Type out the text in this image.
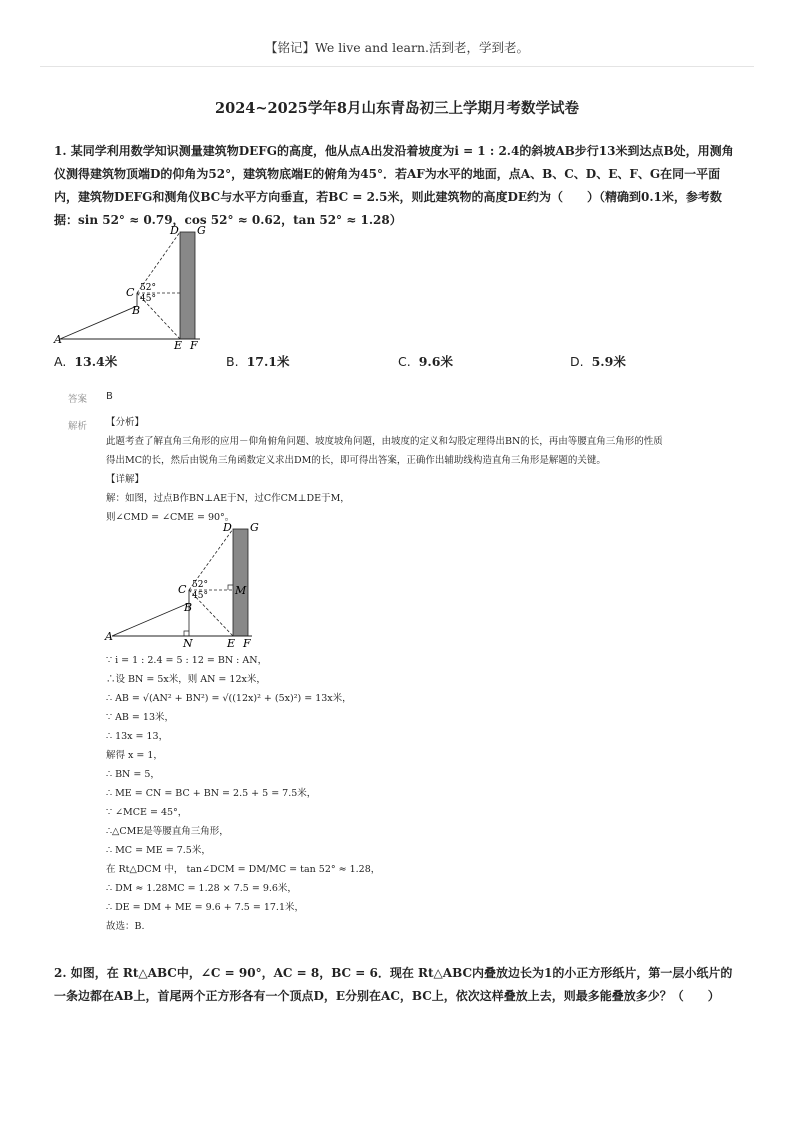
【铭记】We live and learn.活到老，学到老。
2024~2025学年8月山东青岛初三上学期月考数学试卷

1. 某同学利用数学知识测量建筑物DEFG的高度，他从点A出发沿着坡度为i = 1 : 2.4的斜坡AB步行13米到达点B处，用测角

仪测得建筑物顶端D的仰角为52°，建筑物底端E的俯角为45°．若AF为水平的地面，点A、B、C、D、E、F、G在同一平面

内，建筑物DEFG和测角仪BC与水平方向垂直，若BC = 2.5米，则此建筑物的高度DE约为（　　）（精确到0.1米，参考数

据：sin 52° ≈ 0.79，cos 52° ≈ 0.62，tan 52° ≈ 1.28）

D G
C
B
A	E F
52°
45°
A. 13.4米	B. 17.1米	C. 9.6米	D. 5.9米
答案 B
解析 【分析】

此题考查了解直角三角形的应用－仰角俯角问题、坡度坡角问题，由坡度的定义和勾股定理得出BN的长，再由等腰直角三角形的性质

得出MC的长，然后由锐角三角函数定义求出DM的长，即可得出答案，正确作出辅助线构造直角三角形是解题的关键。

【详解】

解：如图，过点B作BN⊥AE于N，过C作CM⊥DE于M，

则∠CMD = ∠CME = 90°。

D G
C
B
A
N	E F
M
52°
45°

∵ i = 1 : 2.4 = 5 : 12 = BN : AN，

∴设 BN = 5x米，则 AN = 12x米，

∴ AB = √(AN² + BN²) = √((12x)² + (5x)²) = 13x米，

∵ AB = 13米，

∴ 13x = 13，

解得 x = 1，

∴ BN = 5，

∴ ME = CN = BC + BN = 2.5 + 5 = 7.5米，

∵ ∠MCE = 45°，

∴△CME是等腰直角三角形，

∴ MC = ME = 7.5米，

在 Rt△DCM 中， tan∠DCM = DM/MC = tan 52° ≈ 1.28，

∴ DM ≈ 1.28MC = 1.28 × 7.5 = 9.6米，

∴ DE = DM + ME = 9.6 + 7.5 = 17.1米，

故选：B.

2. 如图，在 Rt△ABC中，∠C = 90°，AC = 8，BC = 6．现在 Rt△ABC内叠放边长为1的小正方形纸片，第一层小纸片的

一条边都在AB上，首尾两个正方形各有一个顶点D，E分别在AC，BC上，依次这样叠放上去，则最多能叠放多少？（　　）
